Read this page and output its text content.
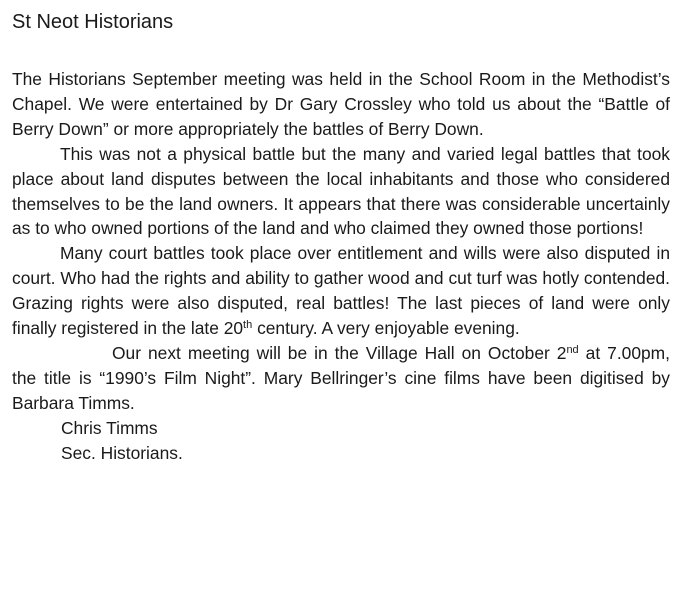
St Neot Historians

The Historians September meeting was held in the School Room in the Methodist’s Chapel. We were entertained by Dr Gary Crossley who told us about the “Battle of Berry Down” or more appropriately the battles of Berry Down.

This was not a physical battle but the many and varied legal battles that took place about land disputes between the local inhabitants and those who considered themselves to be the land owners. It appears that there was considerable uncertainly as to who owned portions of the land and who claimed they owned those portions!

Many court battles took place over entitlement and wills were also disputed in court. Who had the rights and ability to gather wood and cut turf was hotly contended. Grazing rights were also disputed, real battles! The last pieces of land were only finally registered in the late 20th century. A very enjoyable evening.

Our next meeting will be in the Village Hall on October 2nd at 7.00pm, the title is “1990’s Film Night”. Mary Bellringer’s cine films have been digitised by Barbara Timms.

Chris Timms

Sec. Historians.
